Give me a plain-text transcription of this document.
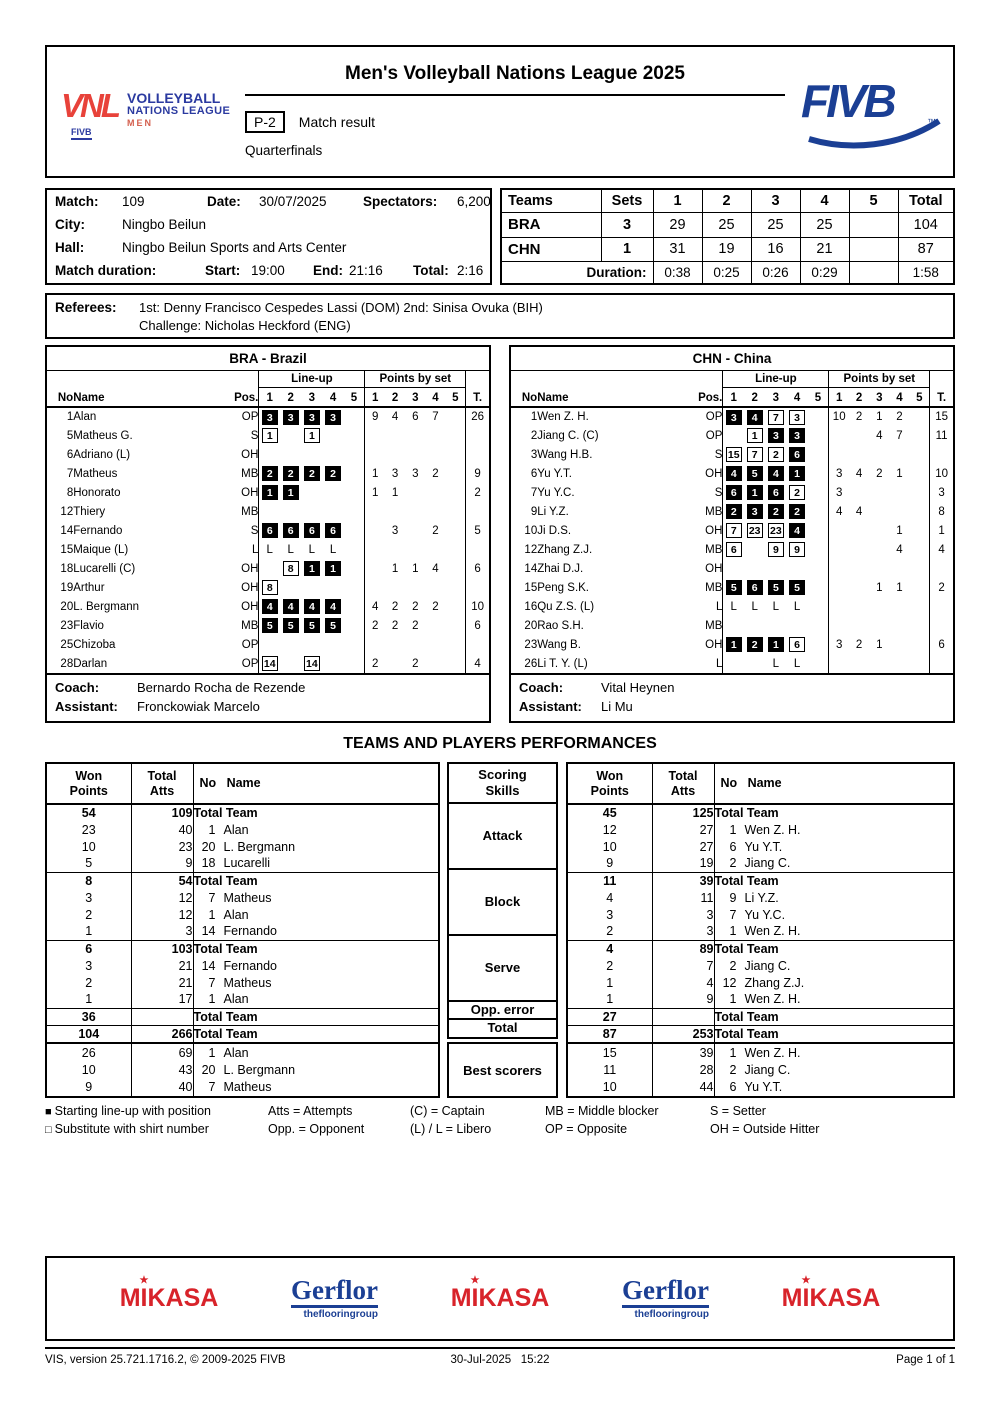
VNL
FIVB
VOLLEYBALL
NATIONS LEAGUE
MEN
Men's Volleyball Nations League 2025
P-2	Match result
Quarterfinals
FIVB	™
Match: 109	Date: 30/07/2025	Spectators: 6,200
City:	Ningbo Beilun
Hall:	Ningbo Beilun Sports and Arts Center
Match duration:	Start: 19:00 End: 21:16 Total: 2:16
Teams	Sets	1	2	3	4	5	Total
BRA	3	29	25	25	25		104
CHN	1	31	19	16	21		87
Duration:		0:38	0:25	0:26	0:29		1:58
Referees: 1st: Denny Francisco Cespedes Lassi (DOM) 2nd: Sinisa Ovuka (BIH)
Challenge: Nicholas Heckford (ENG)
BRA - Brazil
			Line-up					Points by set					
No	Name	Pos.	1	2	3	4	5	1	2	3	4	5	T.
1	Alan	OP	3	3	3	3		9	4	6	7		26
5	Matheus G.	S	1		1								
6	Adriano (L)	OH											
7	Matheus	MB	2	2	2	2		1	3	3	2		9
8	Honorato	OH	1	1				1	1				2
12	Thiery	MB											
14	Fernando	S	6	6	6	6			3		2		5
15	Maique (L)	L	L	L	L	L							
18	Lucarelli (C)	OH		8	1	1			1	1	4		6
19	Arthur	OH	8										
20	L. Bergmann	OH	4	4	4	4		4	2	2	2		10
23	Flavio	MB	5	5	5	5		2	2	2			6
25	Chizoba	OP											
28	Darlan	OP	14		14			2		2			4
Coach:	Bernardo Rocha de Rezende
Assistant: Fronckowiak Marcelo
CHN - China
			Line-up					Points by set					
No	Name	Pos.	1	2	3	4	5	1	2	3	4	5	T.
1	Wen Z. H.	OP	3	4	7	3		10	2	1	2		15
2	Jiang C. (C)	OP		1	3	3				4	7		11
3	Wang H.B.	S	15	7	2	6							
6	Yu Y.T.	OH	4	5	4	1		3	4	2	1		10
7	Yu Y.C.	S	6	1	6	2		3					3
9	Li Y.Z.	MB	2	3	2	2		4	4				8
10	Ji D.S.	OH	7	23	23	4					1		1
12	Zhang Z.J.	MB	6		9	9					4		4
14	Zhai D.J.	OH											
15	Peng S.K.	MB	5	6	5	5				1	1		2
16	Qu Z.S. (L)	L	L	L	L	L							
20	Rao S.H.	MB											
23	Wang B.	OH	1	2	1	6		3	2	1			6
26	Li T. Y. (L)	L			L	L							
Coach:	Vital Heynen
Assistant: Li Mu
TEAMS AND PLAYERS PERFORMANCES
Won
Points	Total
Atts	No   Name
54	109	Total Team
23	40	1 Alan
10	23	20 L. Bergmann
5	9	18 Lucarelli
8	54	Total Team
3	12	7 Matheus
2	12	1 Alan
1	3	14 Fernando
6	103	Total Team
3	21	14 Fernando
2	21	7 Matheus
1	17	1 Alan
36		Total Team
104	266	Total Team
Scoring
Skills
Attack
Block
Serve
Opp. error
Total
Won
Points	Total
Atts	No   Name
45	125	Total Team
12	27	1 Wen Z. H.
10	27	6 Yu Y.T.
9	19	2 Jiang C.
11	39	Total Team
4	11	9 Li Y.Z.
3	3	7 Yu Y.C.
2	3	1 Wen Z. H.
4	89	Total Team
2	7	2 Jiang C.
1	4	12 Zhang Z.J.
1	9	1 Wen Z. H.
27		Total Team
87	253	Total Team
26	69	1 Alan
10	43	20 L. Bergmann
9	40	7 Matheus
Best scorers
15	39	1 Wen Z. H.
11	28	2 Jiang C.
10	44	6 Yu Y.T.
■ Starting line-up with position	Atts = Attempts	(C) = Captain	MB = Middle blocker	S = Setter
□ Substitute with shirt number	Opp. = Opponent	(L) / L = Libero	OP = Opposite	OH = Outside Hitter
MI
★
KASA	Gerflor
theflooringroup
MI
★
KASA	Gerflor
theflooringroup
MI
★
KASA
VIS, version 25.721.1716.2, © 2009-2025 FIVB	30-Jul-2025   15:22	Page 1 of 1
